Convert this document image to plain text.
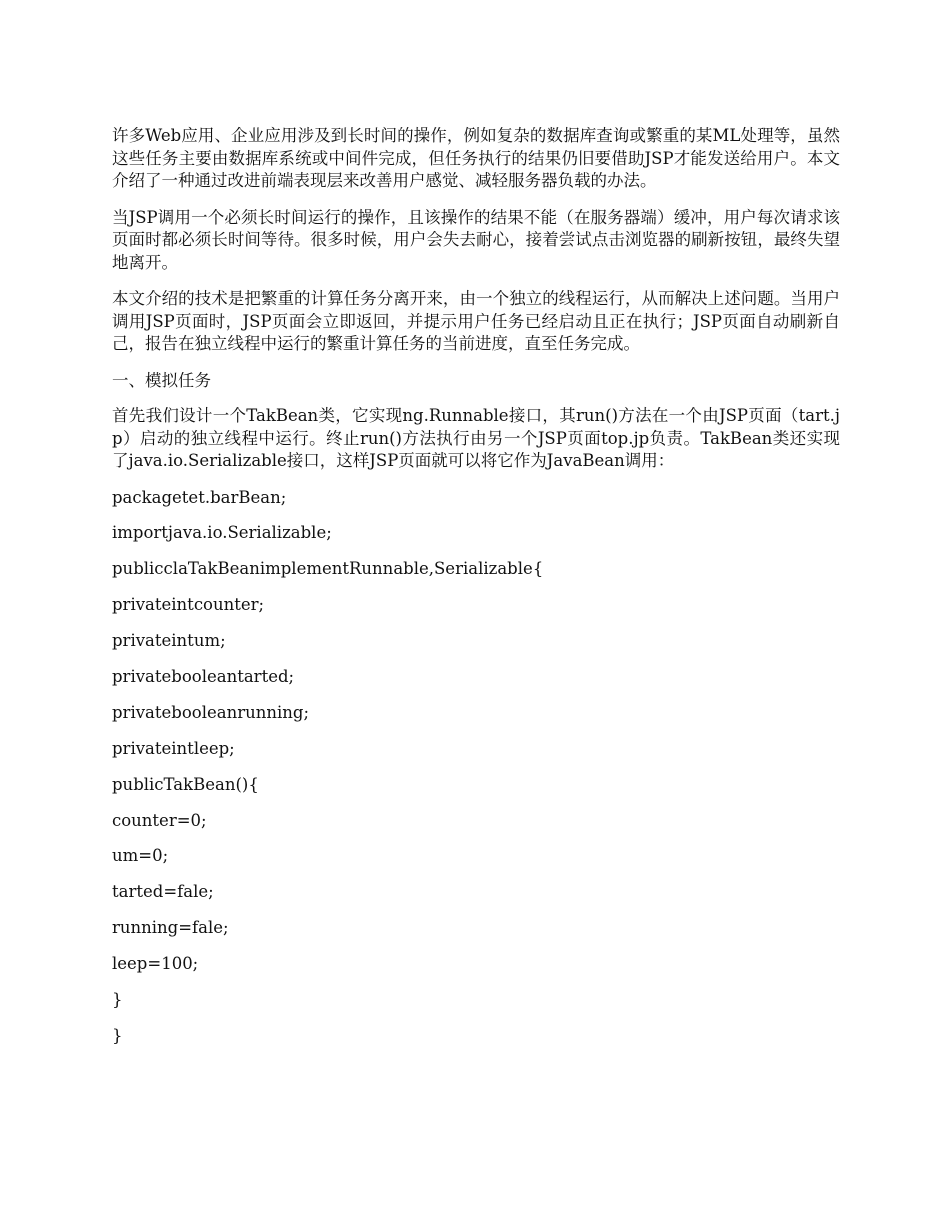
许多Web应用、企业应用涉及到长时间的操作，例如复杂的数据库查询或繁重的某ML处理等，虽然这些任务主要由数据库系统或中间件完成，但任务执行的结果仍旧要借助JSP才能发送给用户。本文介绍了一种通过改进前端表现层来改善用户感觉、减轻服务器负载的办法。

当JSP调用一个必须长时间运行的操作，且该操作的结果不能（在服务器端）缓冲，用户每次请求该页面时都必须长时间等待。很多时候，用户会失去耐心，接着尝试点击浏览器的刷新按钮，最终失望地离开。

本文介绍的技术是把繁重的计算任务分离开来，由一个独立的线程运行，从而解决上述问题。当用户调用JSP页面时，JSP页面会立即返回，并提示用户任务已经启动且正在执行；JSP页面自动刷新自己，报告在独立线程中运行的繁重计算任务的当前进度，直至任务完成。

一、模拟任务

首先我们设计一个TakBean类，它实现ng.Runnable接口，其run()方法在一个由JSP页面（tart.jp）启动的独立线程中运行。终止run()方法执行由另一个JSP页面top.jp负责。TakBean类还实现了java.io.Serializable接口，这样JSP页面就可以将它作为JavaBean调用：

packagetet.barBean;

importjava.io.Serializable;

publicclaTakBeanimplementRunnable,Serializable{

privateintcounter;

privateintum;

privatebooleantarted;

privatebooleanrunning;

privateintleep;

publicTakBean(){

counter=0;

um=0;

tarted=fale;

running=fale;

leep=100;

}

}
